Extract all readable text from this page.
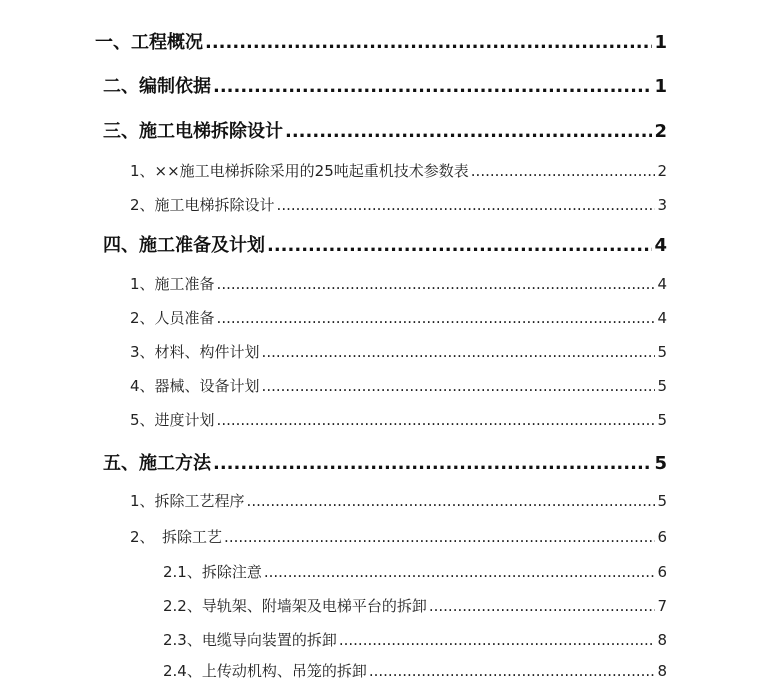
一、工程概况 .....	1
二、编制依据 .....	1
三、施工电梯拆除设计 .....	2
1、××施工电梯拆除采用的25吨起重机技术参数表 .....	2
2、施工电梯拆除设计 .....	3
四、施工准备及计划 .....	4
1、施工准备 .....	4
2、人员准备 .....	4
3、材料、构件计划 .....	5
4、器械、设备计划 .....	5
5、进度计划 .....	5
五、施工方法 .....	5
1、拆除工艺程序 .....	5
2、　拆除工艺 .....	6
2.1、拆除注意 .....	6
2.2、导轨架、附墙架及电梯平台的拆卸 .....	7
2.3、电缆导向装置的拆卸 .....	8
2.4、上传动机构、吊笼的拆卸 .....	8
